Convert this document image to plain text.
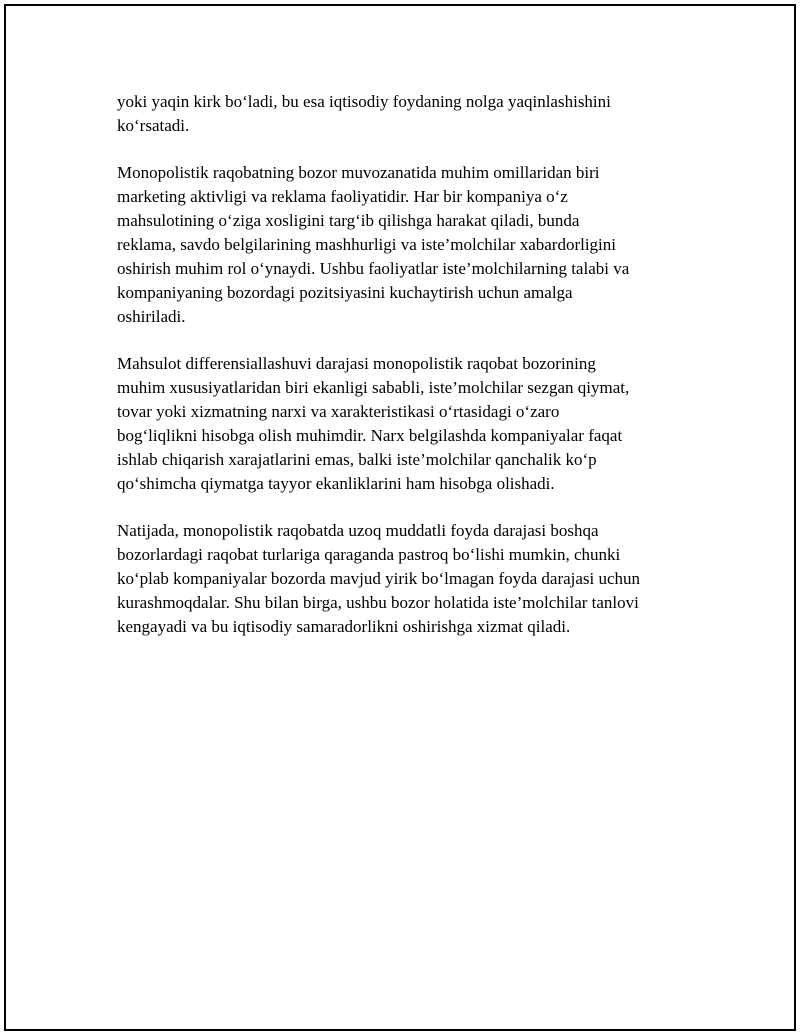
yoki yaqin kirk bo‘ladi, bu esa iqtisodiy foydaning nolga yaqinlashishini
ko‘rsatadi.

Monopolistik raqobatning bozor muvozanatida muhim omillaridan biri
marketing aktivligi va reklama faoliyatidir. Har bir kompaniya o‘z
mahsulotining o‘ziga xosligini targ‘ib qilishga harakat qiladi, bunda
reklama, savdo belgilarining mashhurligi va iste’molchilar xabardorligini
oshirish muhim rol o‘ynaydi. Ushbu faoliyatlar iste’molchilarning talabi va
kompaniyaning bozordagi pozitsiyasini kuchaytirish uchun amalga
oshiriladi.

Mahsulot differensiallashuvi darajasi monopolistik raqobat bozorining
muhim xususiyatlaridan biri ekanligi sababli, iste’molchilar sezgan qiymat,
tovar yoki xizmatning narxi va xarakteristikasi o‘rtasidagi o‘zaro
bog‘liqlikni hisobga olish muhimdir. Narx belgilashda kompaniyalar faqat
ishlab chiqarish xarajatlarini emas, balki iste’molchilar qanchalik ko‘p
qo‘shimcha qiymatga tayyor ekanliklarini ham hisobga olishadi.

Natijada, monopolistik raqobatda uzoq muddatli foyda darajasi boshqa
bozorlardagi raqobat turlariga qaraganda pastroq bo‘lishi mumkin, chunki
ko‘plab kompaniyalar bozorda mavjud yirik bo‘lmagan foyda darajasi uchun
kurashmoqdalar. Shu bilan birga, ushbu bozor holatida iste’molchilar tanlovi
kengayadi va bu iqtisodiy samaradorlikni oshirishga xizmat qiladi.
